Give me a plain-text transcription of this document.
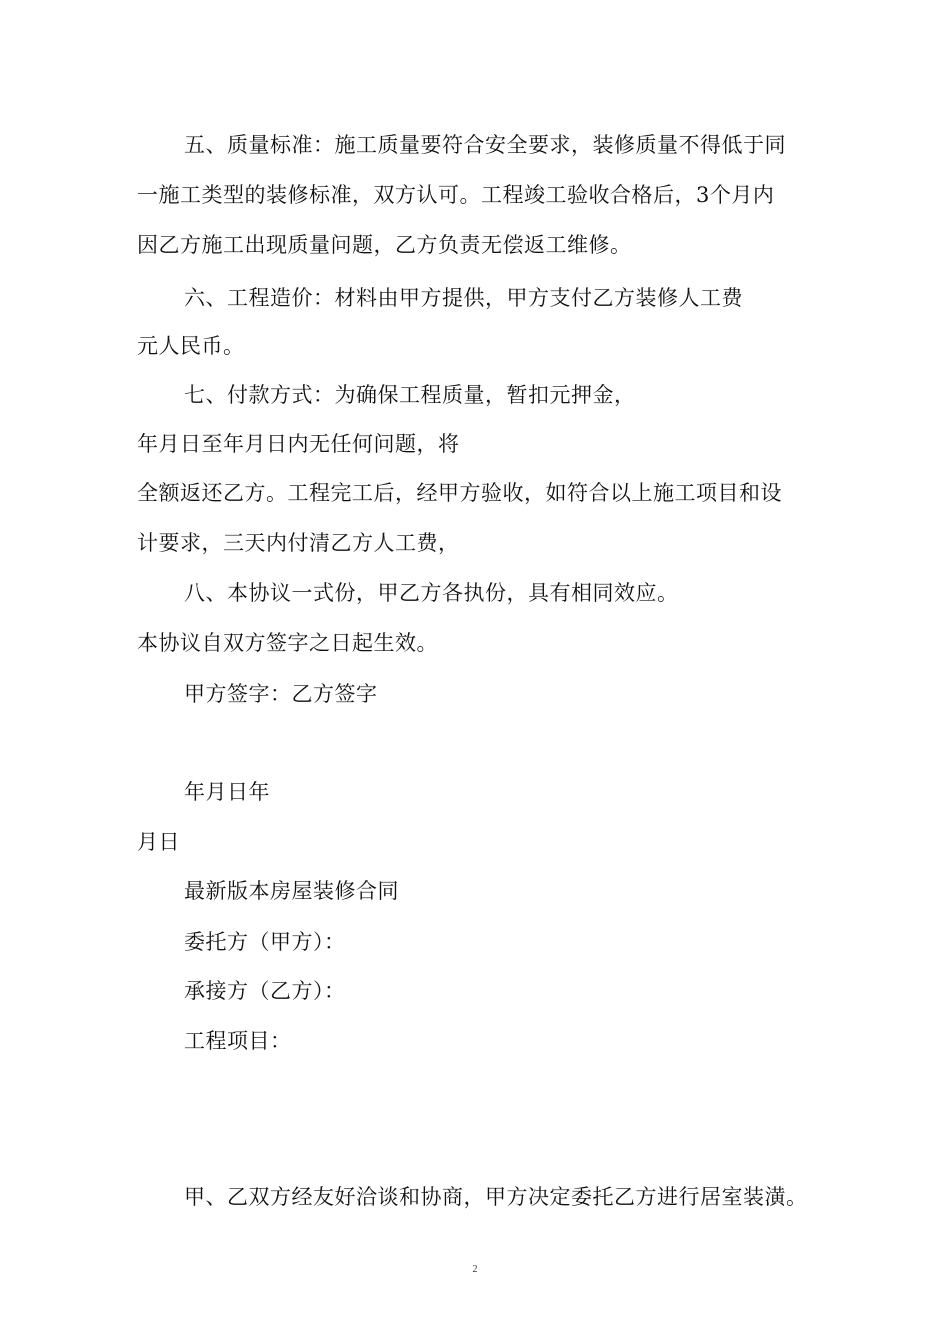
五、质量标准：施工质量要符合安全要求，装修质量不得低于同
一施工类型的装修标准，双方认可。工程竣工验收合格后，3个月内
因乙方施工出现质量问题，乙方负责无偿返工维修。
六、工程造价：材料由甲方提供，甲方支付乙方装修人工费
元人民币。
七、付款方式：为确保工程质量，暂扣元押金，
年月日至年月日内无任何问题，将
全额返还乙方。工程完工后，经甲方验收，如符合以上施工项目和设
计要求，三天内付清乙方人工费，
八、本协议一式份，甲乙方各执份，具有相同效应。
本协议自双方签字之日起生效。
甲方签字：乙方签字
年月日年
月日
最新版本房屋装修合同
委托方（甲方）：
承接方（乙方）：
工程项目：
甲、乙双方经友好洽谈和协商，甲方决定委托乙方进行居室装潢。
2
